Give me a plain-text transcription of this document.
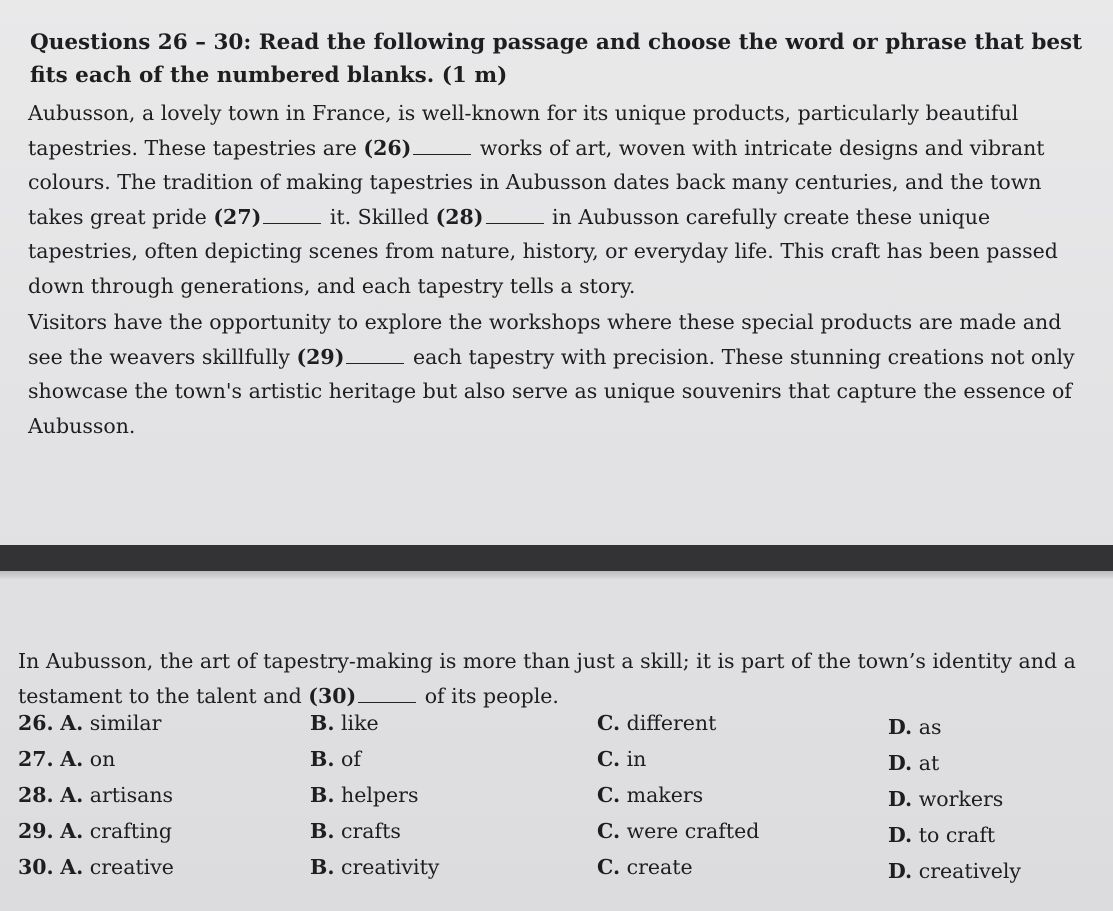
Questions 26 – 30: Read the following passage and choose the word or phrase that best fits each of the numbered blanks. (1 m)
Aubusson, a lovely town in France, is well-known for its unique products, particularly beautiful tapestries. These tapestries are (26)	works of art, woven with intricate designs and vibrant colours. The tradition of making tapestries in Aubusson dates back many centuries, and the town takes great pride (27)	it. Skilled (28)	in Aubusson carefully create these unique tapestries, often depicting scenes from nature, history, or everyday life. This craft has been passed down through generations, and each tapestry tells a story.
Visitors have the opportunity to explore the workshops where these special products are made and see the weavers skillfully (29)	each tapestry with precision. These stunning creations not only showcase the town's artistic heritage but also serve as unique souvenirs that capture the essence of Aubusson.
In Aubusson, the art of tapestry-making is more than just a skill; it is part of the town’s identity and a testament to the talent and (30)	of its people.
26. A. similar	B. like	C. different	D. as
27. A. on	B. of	C. in	D. at
28. A. artisans	B. helpers	C. makers	D. workers
29. A. crafting	B. crafts	C. were crafted	D. to craft
30. A. creative	B. creativity	C. create	D. creatively
